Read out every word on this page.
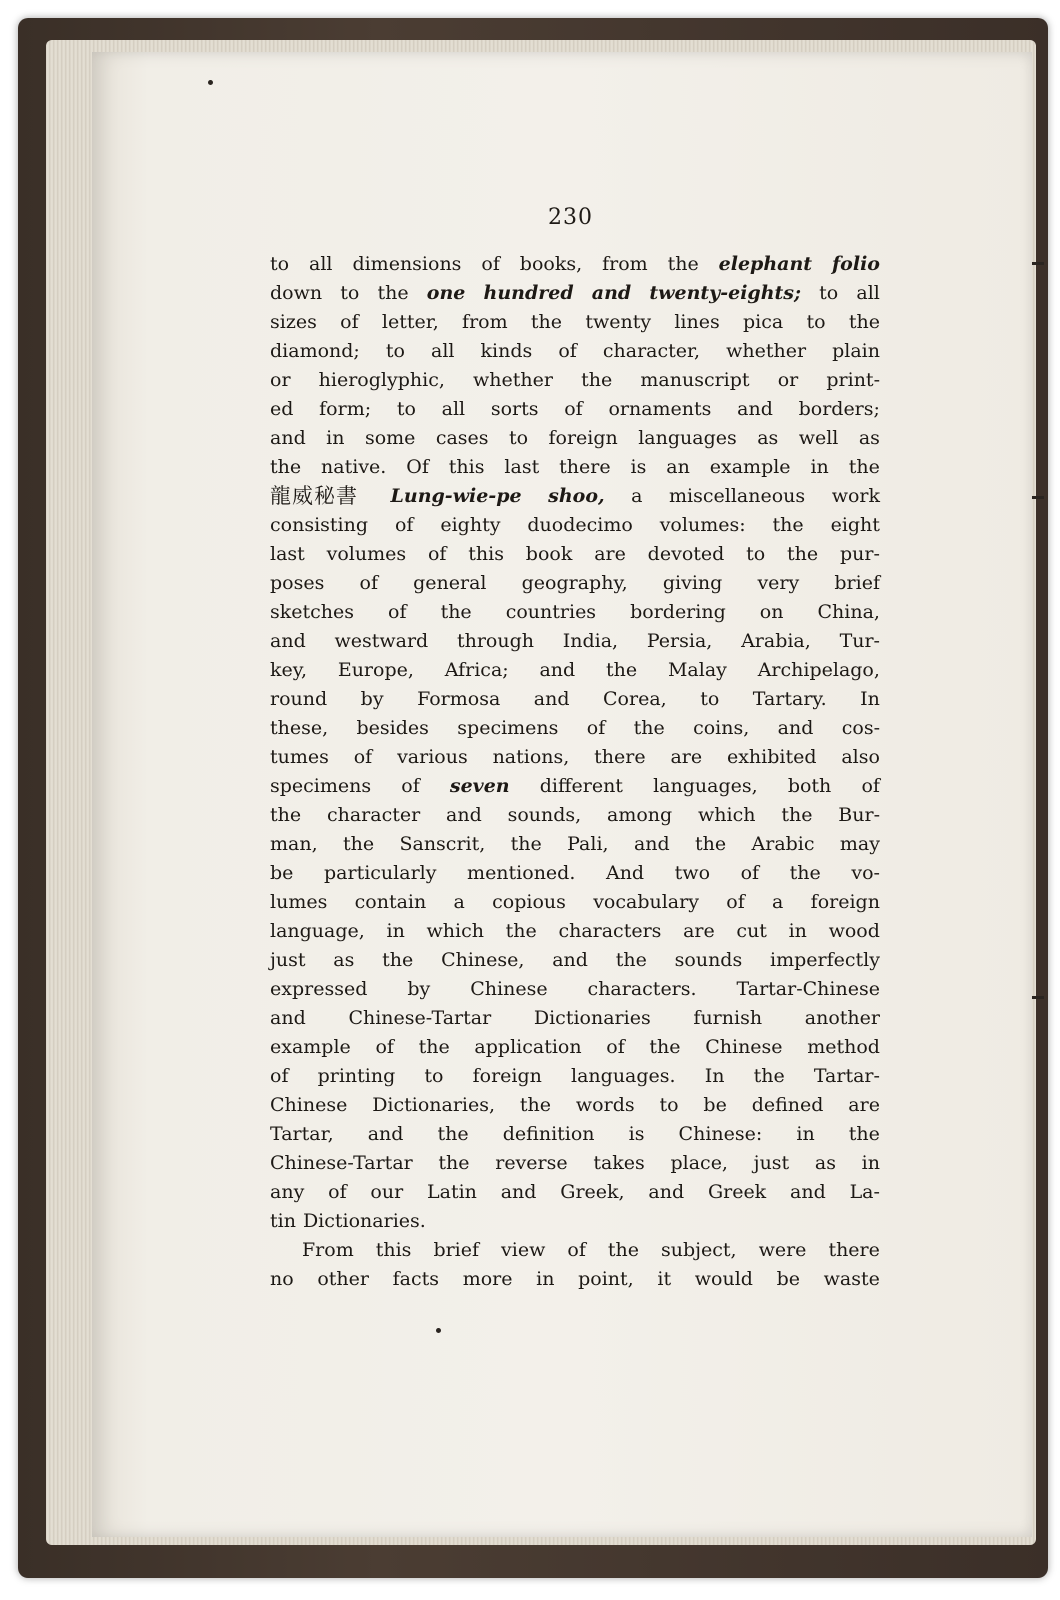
230
to all dimensions of books, from the elephant folio
down to the one hundred and twenty-eights; to all
sizes of letter, from the twenty lines pica to the
diamond; to all kinds of character, whether plain
or hieroglyphic, whether the manuscript or print-
ed form; to all sorts of ornaments and borders;
and in some cases to foreign languages as well as
the native. Of this last there is an example in the
龍威秘書 Lung-wie-pe shoo, a miscellaneous work
consisting of eighty duodecimo volumes: the eight
last volumes of this book are devoted to the pur-
poses of general geography, giving very brief
sketches of the countries bordering on China,
and westward through India, Persia, Arabia, Tur-
key, Europe, Africa; and the Malay Archipelago,
round by Formosa and Corea, to Tartary. In
these, besides specimens of the coins, and cos-
tumes of various nations, there are exhibited also
specimens of seven different languages, both of
the character and sounds, among which the Bur-
man, the Sanscrit, the Pali, and the Arabic may
be particularly mentioned. And two of the vo-
lumes contain a copious vocabulary of a foreign
language, in which the characters are cut in wood
just as the Chinese, and the sounds imperfectly
expressed by Chinese characters. Tartar-Chinese
and Chinese-Tartar Dictionaries furnish another
example of the application of the Chinese method
of printing to foreign languages. In the Tartar-
Chinese Dictionaries, the words to be defined are
Tartar, and the definition is Chinese: in the
Chinese-Tartar the reverse takes place, just as in
any of our Latin and Greek, and Greek and La-
tin Dictionaries.
From this brief view of the subject, were there
no other facts more in point, it would be waste
